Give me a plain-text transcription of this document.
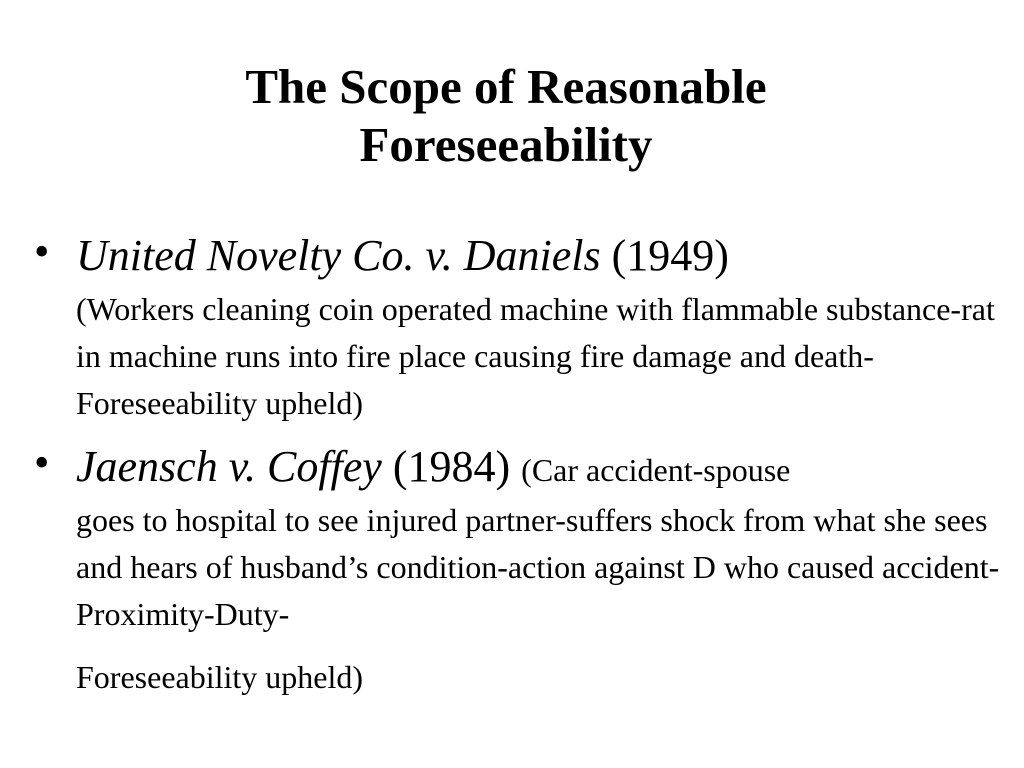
The Scope of Reasonable
Foreseeability
• United Novelty Co. v. Daniels (1949)
(Workers cleaning coin operated machine with flammable substance-rat in machine runs into fire place causing fire damage and death-Foreseeability upheld)
• Jaensch v. Coffey (1984) (Car accident-spouse
goes to hospital to see injured partner-suffers shock from what she sees and hears of husband’s condition-action against D who caused accident-Proximity-Duty-
Foreseeability upheld)
